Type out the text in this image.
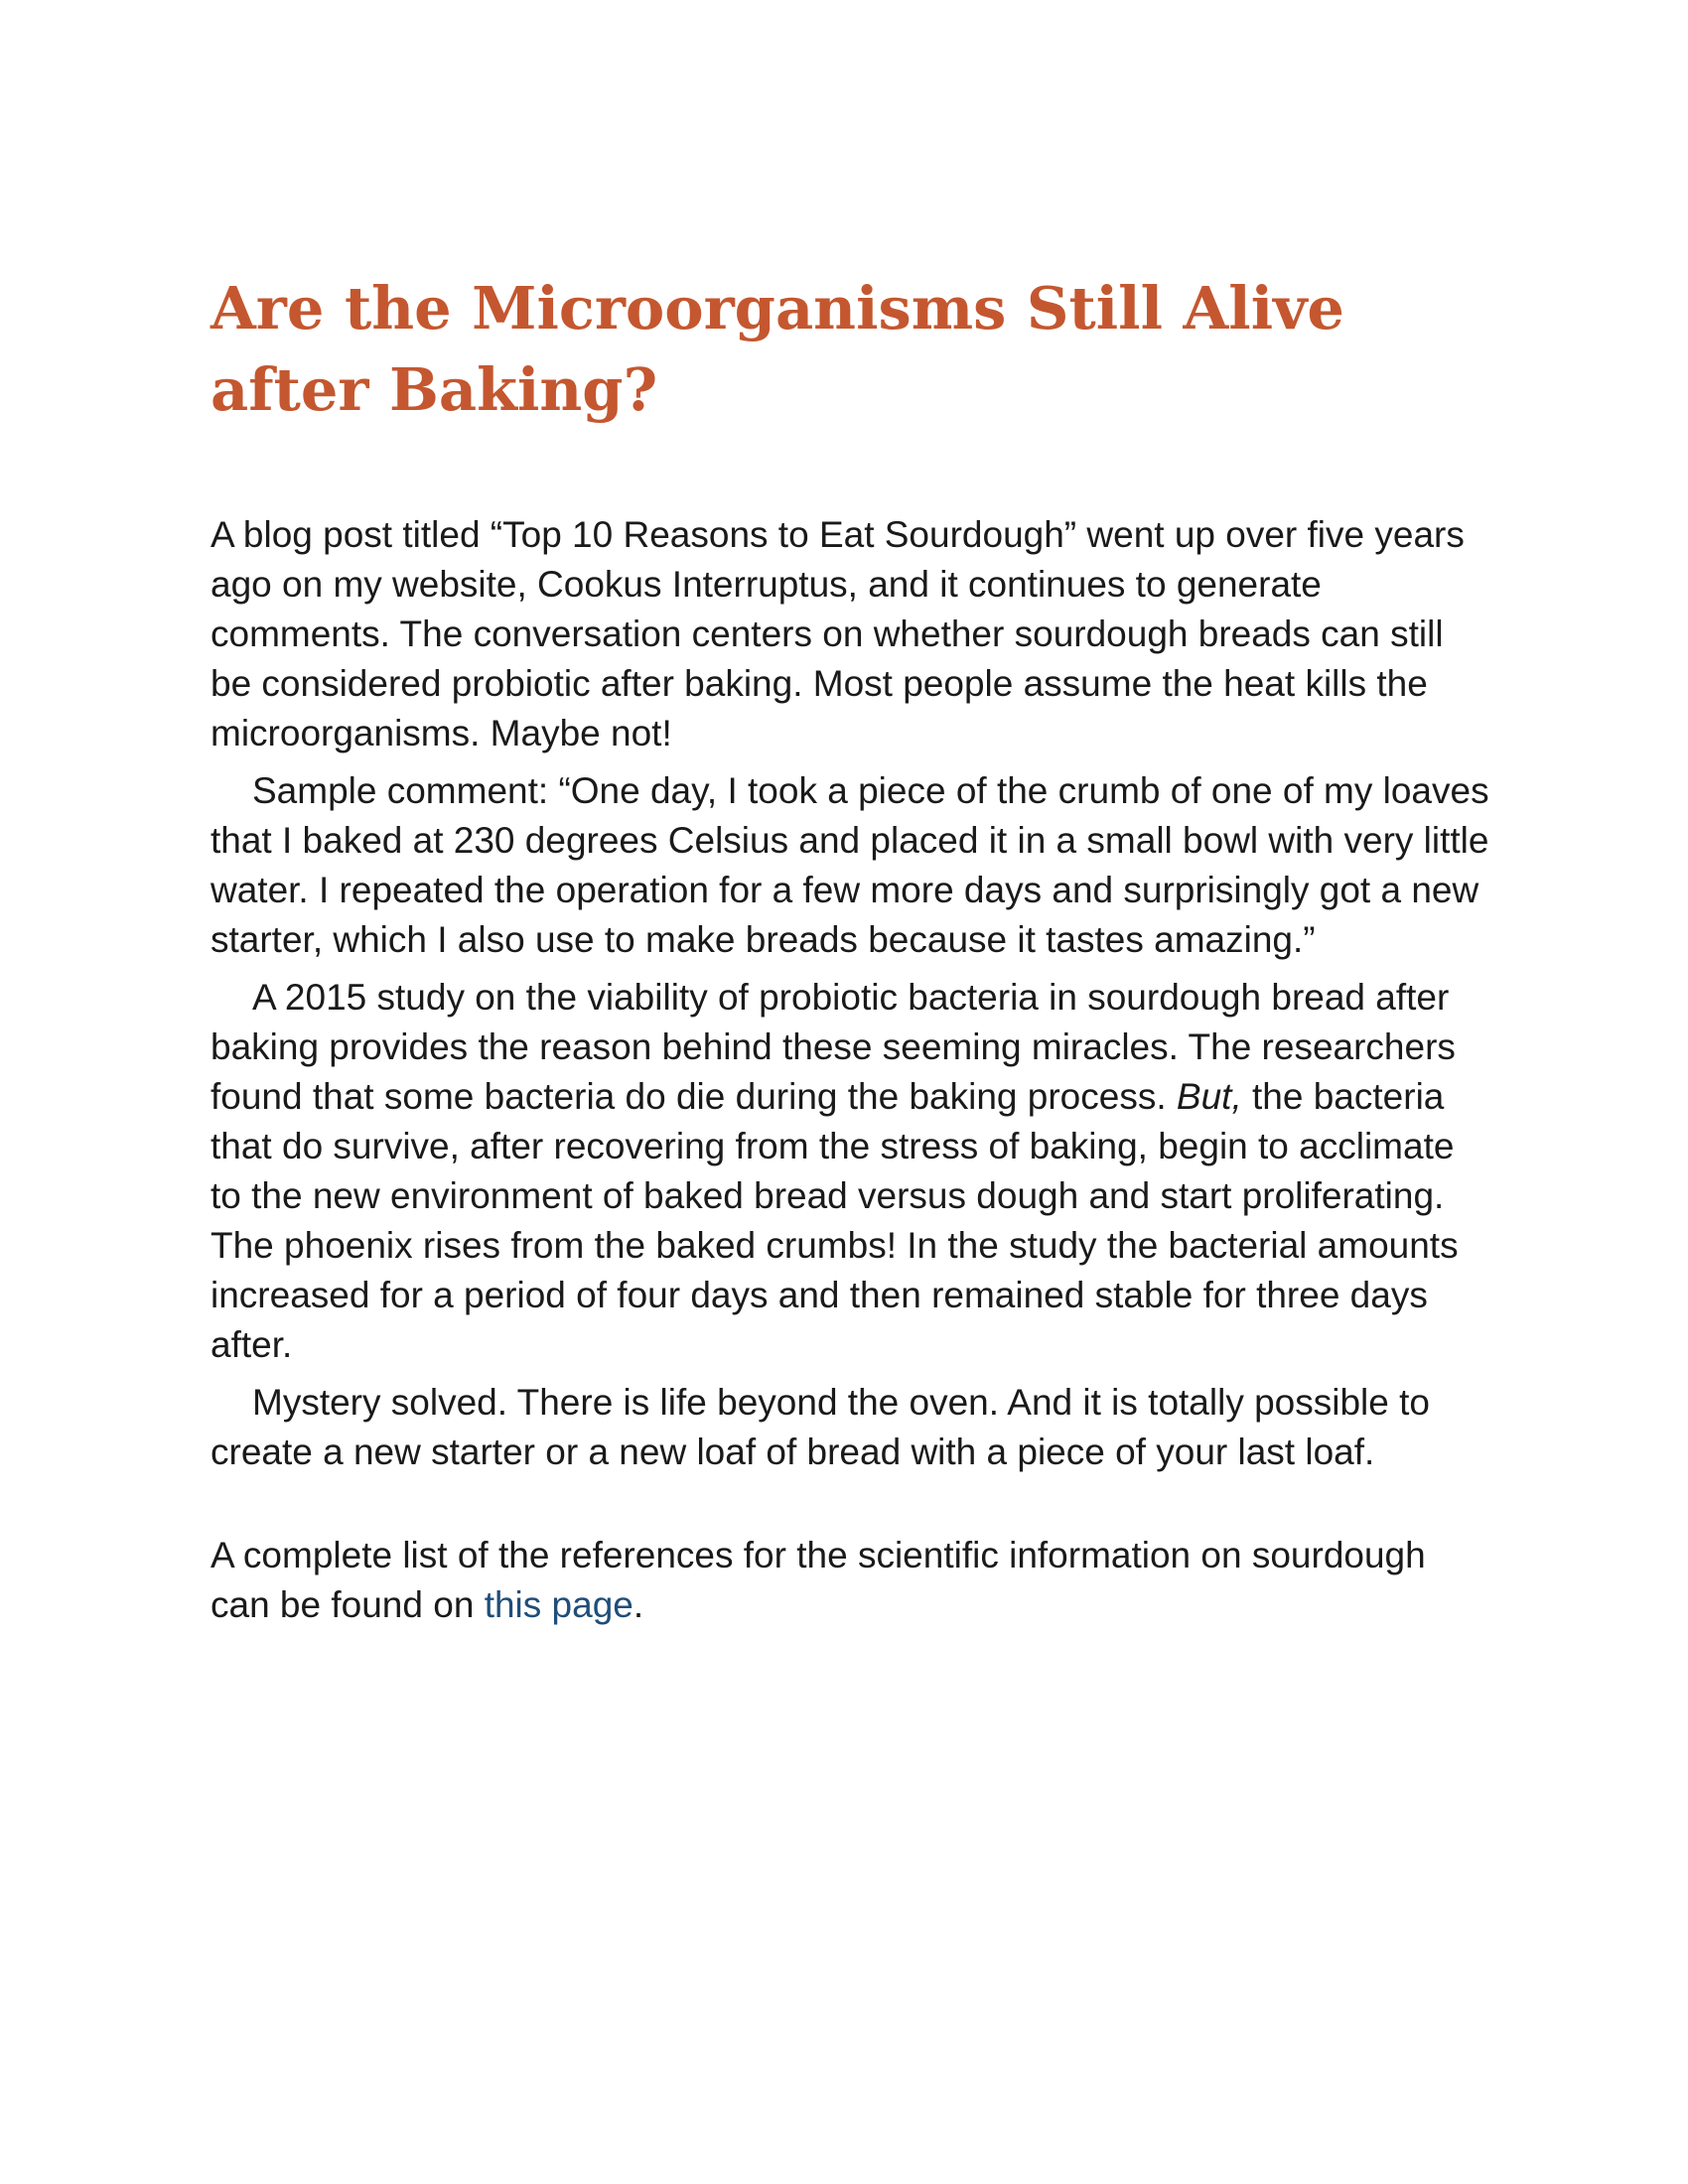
Are the Microorganisms Still Alive after Baking?

A blog post titled “Top 10 Reasons to Eat Sourdough” went up over five years ago on my website, Cookus Interruptus, and it continues to generate comments. The conversation centers on whether sourdough breads can still be considered probiotic after baking. Most people assume the heat kills the microorganisms. Maybe not!

Sample comment: “One day, I took a piece of the crumb of one of my loaves that I baked at 230 degrees Celsius and placed it in a small bowl with very little water. I repeated the operation for a few more days and surprisingly got a new starter, which I also use to make breads because it tastes amazing.”

A 2015 study on the viability of probiotic bacteria in sourdough bread after baking provides the reason behind these seeming miracles. The researchers found that some bacteria do die during the baking process. But, the bacteria that do survive, after recovering from the stress of baking, begin to acclimate to the new environment of baked bread versus dough and start proliferating. The phoenix rises from the baked crumbs! In the study the bacterial amounts increased for a period of four days and then remained stable for three days after.

Mystery solved. There is life beyond the oven. And it is totally possible to create a new starter or a new loaf of bread with a piece of your last loaf.

A complete list of the references for the scientific information on sourdough can be found on this page.
